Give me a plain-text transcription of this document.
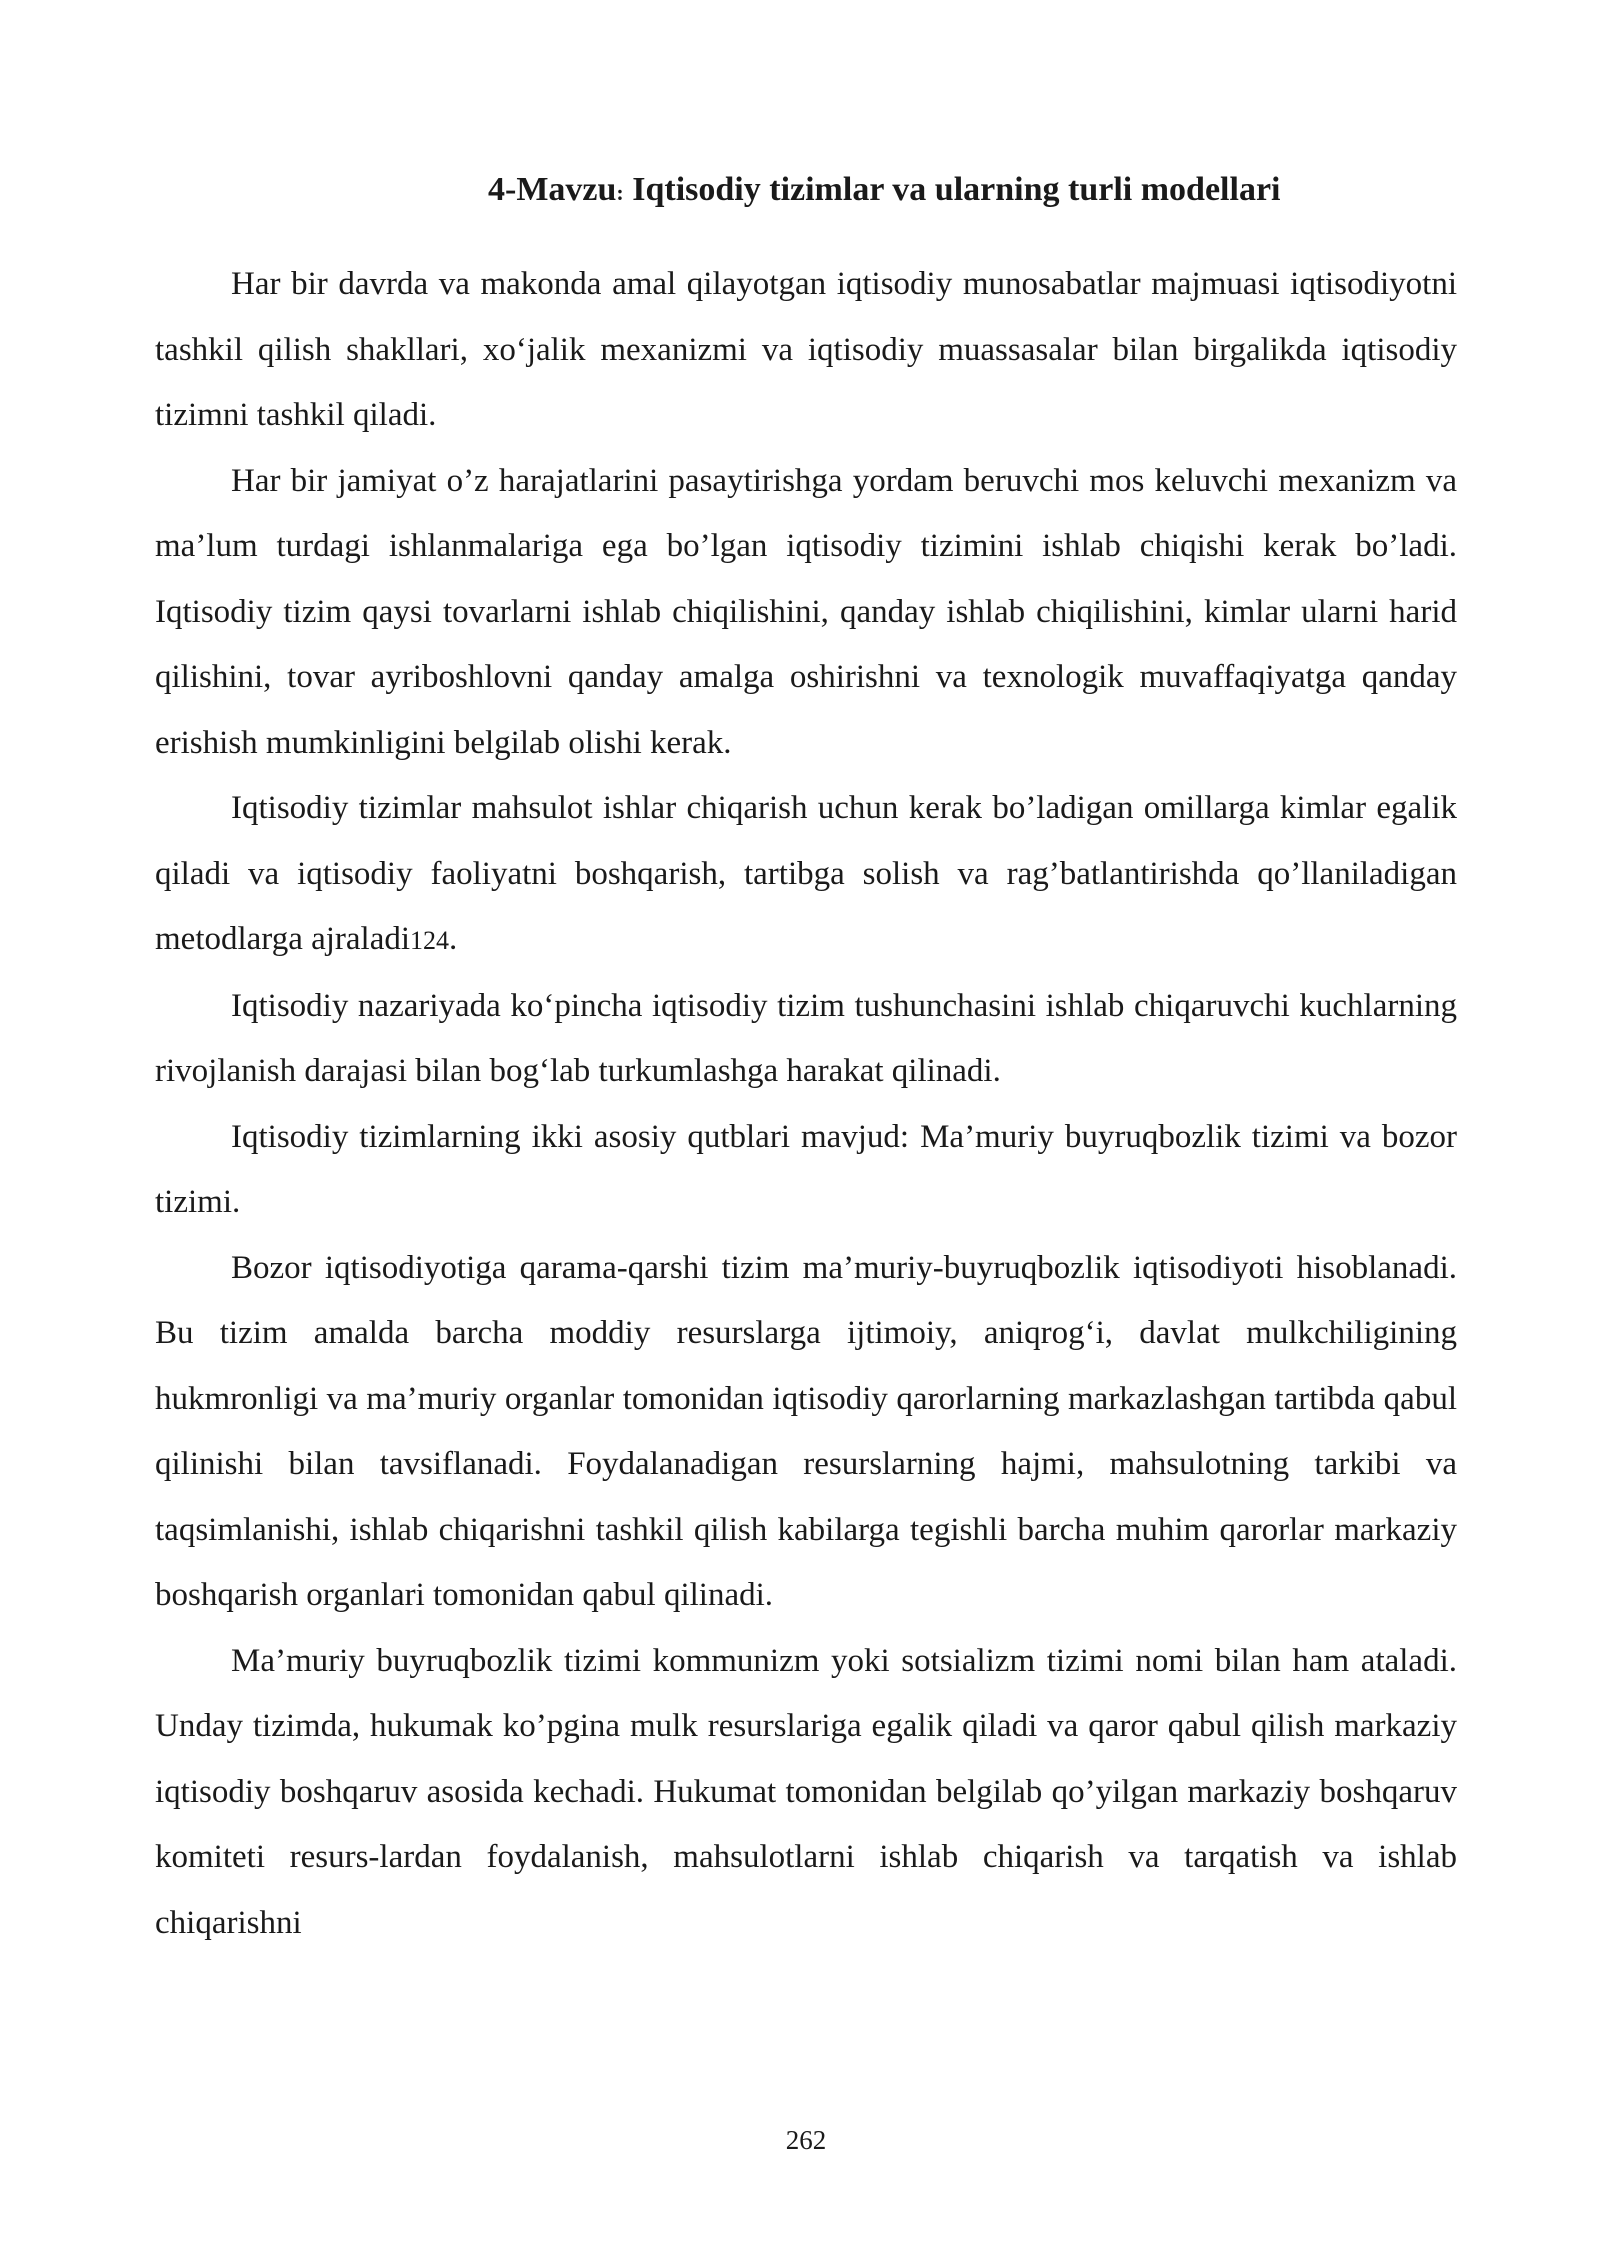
4-Mavzu: Iqtisodiy tizimlar va ularning turli modellari

Har bir davrda va makonda amal qilayotgan iqtisodiy munosabatlar majmuasi iqtisodiyotni tashkil qilish shakllari, xo‘jalik mexanizmi va iqtisodiy muassasalar bilan birgalikda iqtisodiy tizimni tashkil qiladi.

Har bir jamiyat o’z harajatlarini pasaytirishga yordam beruvchi mos keluvchi mexanizm va ma’lum turdagi ishlanmalariga ega bo’lgan iqtisodiy tizimini ishlab chiqishi kerak bo’ladi. Iqtisodiy tizim qaysi tovarlarni ishlab chiqilishini, qanday ishlab chiqilishini, kimlar ularni harid qilishini, tovar ayriboshlovni qanday amalga oshirishni va texnologik muvaffaqiyatga qanday erishish mumkinligini belgilab olishi kerak.

Iqtisodiy tizimlar mahsulot ishlar chiqarish uchun kerak bo’ladigan omillarga kimlar egalik qiladi va iqtisodiy faoliyatni boshqarish, tartibga solish va rag’batlantirishda qo’llaniladigan metodlarga ajraladi124.

Iqtisodiy nazariyada ko‘pincha iqtisodiy tizim tushunchasini ishlab chiqaruvchi kuchlarning rivojlanish darajasi bilan bog‘lab turkumlashga harakat qilinadi.

Iqtisodiy tizimlarning ikki asosiy qutblari mavjud: Ma’muriy buyruqbozlik tizimi va bozor tizimi.

Bozor iqtisodiyotiga qarama-qarshi tizim ma’muriy-buyruqbozlik iqtisodiyoti hisoblanadi. Bu tizim amalda barcha moddiy resurslarga ijtimoiy, aniqrog‘i, davlat mulkchiligining hukmronligi va ma’muriy organlar tomonidan iqtisodiy qarorlarning markazlashgan tartibda qabul qilinishi bilan tavsiflanadi. Foydalanadigan resurslarning hajmi, mahsulotning tarkibi va taqsimlanishi, ishlab chiqarishni tashkil qilish kabilarga tegishli barcha muhim qarorlar markaziy boshqarish organlari tomonidan qabul qilinadi.

Ma’muriy buyruqbozlik tizimi kommunizm yoki sotsializm tizimi nomi bilan ham ataladi. Unday tizimda, hukumak ko’pgina mulk resurslariga egalik qiladi va qaror qabul qilish markaziy iqtisodiy boshqaruv asosida kechadi. Hukumat tomonidan belgilab qo’yilgan markaziy boshqaruv komiteti resurs-lardan foydalanish, mahsulotlarni ishlab chiqarish va tarqatish va ishlab chiqarishni

262
